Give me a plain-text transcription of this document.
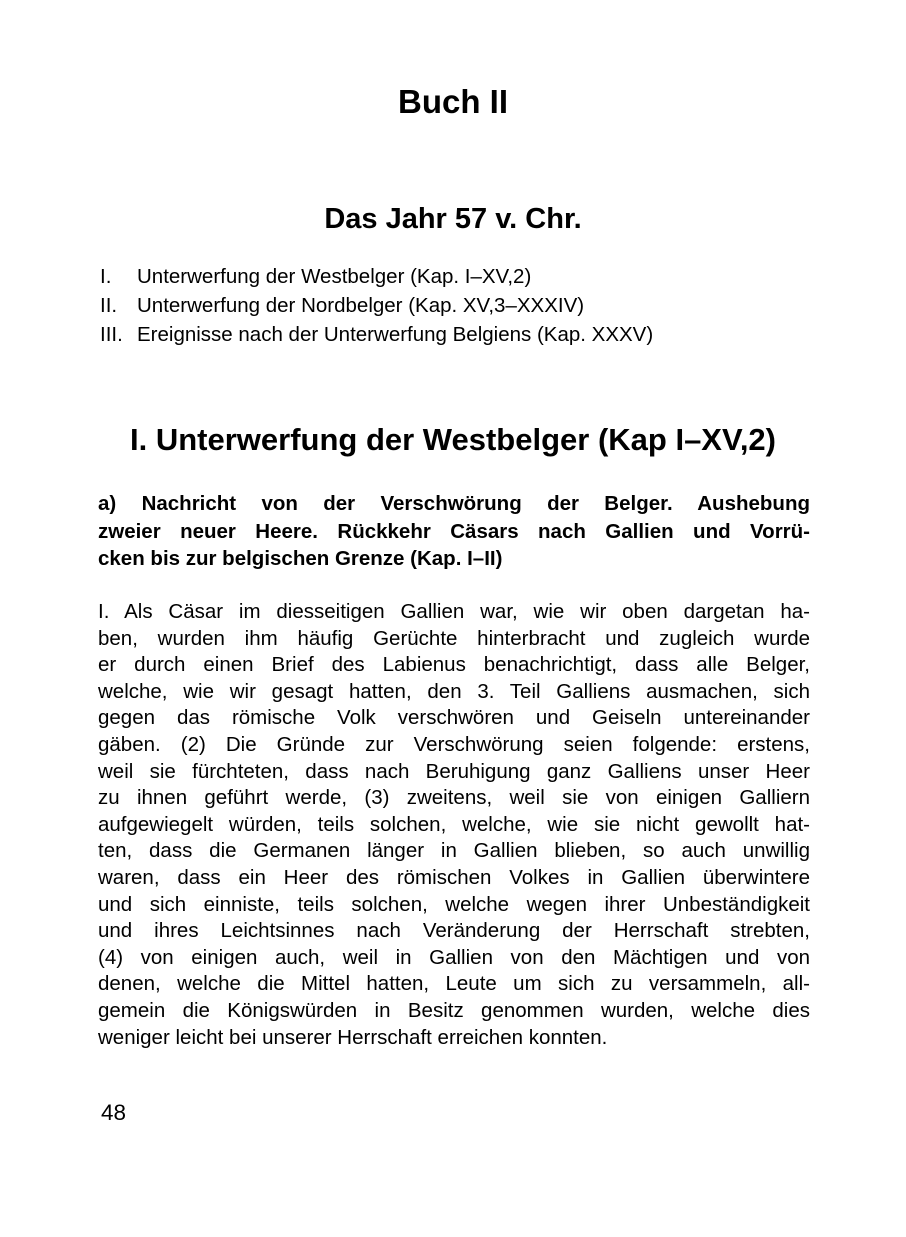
Buch II
Das Jahr 57 v. Chr.
I. Unterwerfung der Westbelger (Kap. I–XV,2)
II. Unterwerfung der Nordbelger (Kap. XV,3–XXXIV)
III. Ereignisse nach der Unterwerfung Belgiens (Kap. XXXV)
I. Unterwerfung der Westbelger (Kap I–XV,2)
a) Nachricht von der Verschwörung der Belger. Aushebung
zweier neuer Heere. Rückkehr Cäsars nach Gallien und Vorrü-
cken bis zur belgischen Grenze (Kap. I–II)
I. Als Cäsar im diesseitigen Gallien war, wie wir oben dargetan ha-
ben, wurden ihm häufig Gerüchte hinterbracht und zugleich wurde
er durch einen Brief des Labienus benachrichtigt, dass alle Belger,
welche, wie wir gesagt hatten, den 3. Teil Galliens ausmachen, sich
gegen das römische Volk verschwören und Geiseln untereinander
gäben. (2) Die Gründe zur Verschwörung seien folgende: erstens,
weil sie fürchteten, dass nach Beruhigung ganz Galliens unser Heer
zu ihnen geführt werde, (3) zweitens, weil sie von einigen Galliern
aufgewiegelt würden, teils solchen, welche, wie sie nicht gewollt hat-
ten, dass die Germanen länger in Gallien blieben, so auch unwillig
waren, dass ein Heer des römischen Volkes in Gallien überwintere
und sich einniste, teils solchen, welche wegen ihrer Unbeständigkeit
und ihres Leichtsinnes nach Veränderung der Herrschaft strebten,
(4) von einigen auch, weil in Gallien von den Mächtigen und von
denen, welche die Mittel hatten, Leute um sich zu versammeln, all-
gemein die Königswürden in Besitz genommen wurden, welche dies
weniger leicht bei unserer Herrschaft erreichen konnten.
48
